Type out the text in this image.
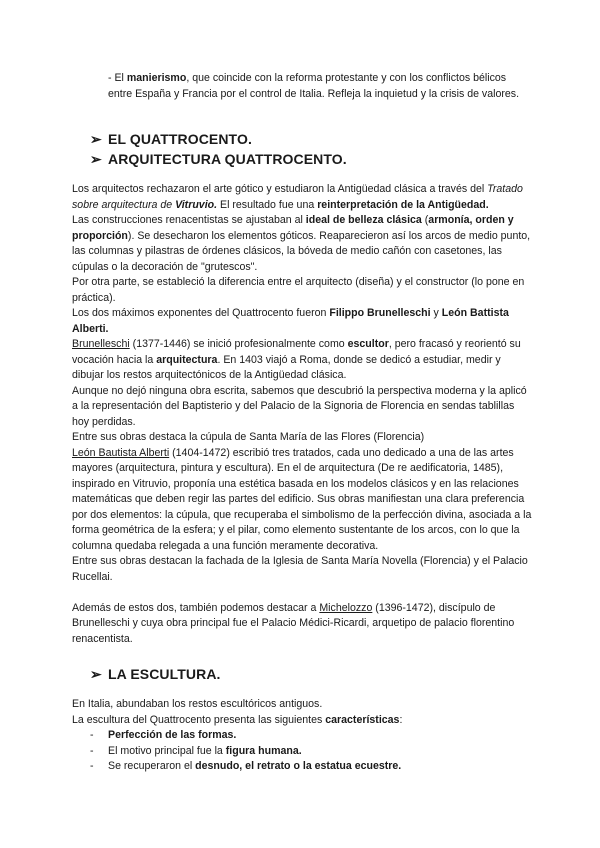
- El manierismo, que coincide con la reforma protestante y con los conflictos bélicos entre España y Francia por el control de Italia. Refleja la inquietud y la crisis de valores.

➢ EL QUATTROCENTO.
➢ ARQUITECTURA QUATTROCENTO.

Los arquitectos rechazaron el arte gótico y estudiaron la Antigüedad clásica a través del Tratado sobre arquitectura de Vitruvio. El resultado fue una reinterpretación de la Antigüedad.

Las construcciones renacentistas se ajustaban al ideal de belleza clásica (armonía, orden y proporción). Se desecharon los elementos góticos. Reaparecieron así los arcos de medio punto, las columnas y pilastras de órdenes clásicos, la bóveda de medio cañón con casetones, las cúpulas o la decoración de "grutescos".

Por otra parte, se estableció la diferencia entre el arquitecto (diseña) y el constructor (lo pone en práctica).

Los dos máximos exponentes del Quattrocento fueron Filippo Brunelleschi y León Battista Alberti.

Brunelleschi (1377-1446) se inició profesionalmente como escultor, pero fracasó y reorientó su vocación hacia la arquitectura. En 1403 viajó a Roma, donde se dedicó a estudiar, medir y dibujar los restos arquitectónicos de la Antigüedad clásica.

Aunque no dejó ninguna obra escrita, sabemos que descubrió la perspectiva moderna y la aplicó a la representación del Baptisterio y del Palacio de la Signoria de Florencia en sendas tablillas hoy perdidas.

Entre sus obras destaca la cúpula de Santa María de las Flores (Florencia)

León Bautista Alberti (1404-1472) escribió tres tratados, cada uno dedicado a una de las artes mayores (arquitectura, pintura y escultura). En el de arquitectura (De re aedificatoria, 1485), inspirado en Vitruvio, proponía una estética basada en los modelos clásicos y en las relaciones matemáticas que deben regir las partes del edificio. Sus obras manifiestan una clara preferencia por dos elementos: la cúpula, que recuperaba el simbolismo de la perfección divina, asociada a la forma geométrica de la esfera; y el pilar, como elemento sustentante de los arcos, con lo que la columna quedaba relegada a una función meramente decorativa.

Entre sus obras destacan la fachada de la Iglesia de Santa María Novella (Florencia) y el Palacio Rucellai.

Además de estos dos, también podemos destacar a Michelozzo (1396-1472), discípulo de Brunelleschi y cuya obra principal fue el Palacio Médici-Ricardi, arquetipo de palacio florentino renacentista.

➢ LA ESCULTURA.

En Italia, abundaban los restos escultóricos antiguos.

La escultura del Quattrocento presenta las siguientes características:

- Perfección de las formas.
- El motivo principal fue la figura humana.
- Se recuperaron el desnudo, el retrato o la estatua ecuestre.
